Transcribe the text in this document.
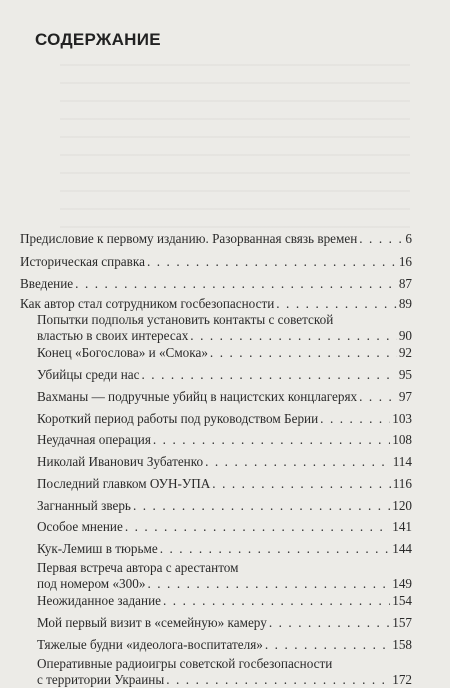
СОДЕРЖАНИЕ
Предисловие к первому изданию. Разорванная связь времен . . .	6
Историческая справка . . .	16
Введение . . .	87
Как автор стал сотрудником госбезопасности . . .	89
Попытки подполья установить контакты с советской
властью в своих интересах . . .	90
Конец «Богослова» и «Смока» . . .	92
Убийцы среди нас . . .	95
Вахманы — подручные убийц в нацистских концлагерях . . .	97
Короткий период работы под руководством Берии . . .	103
Неудачная операция . . .	108
Николай Иванович Зубатенко . . .	114
Последний главком ОУН-УПА . . .	116
Загнанный зверь . . .	120
Особое мнение . . .	141
Кук-Лемиш в тюрьме . . .	144
Первая встреча автора с арестантом
под номером «300» . . .	149
Неожиданное задание . . .	154
Мой первый визит в «семейную» камеру . . .	157
Тяжелые будни «идеолога-воспитателя» . . .	158
Оперативные радиоигры советской госбезопасности
с территории Украины . . .	172
